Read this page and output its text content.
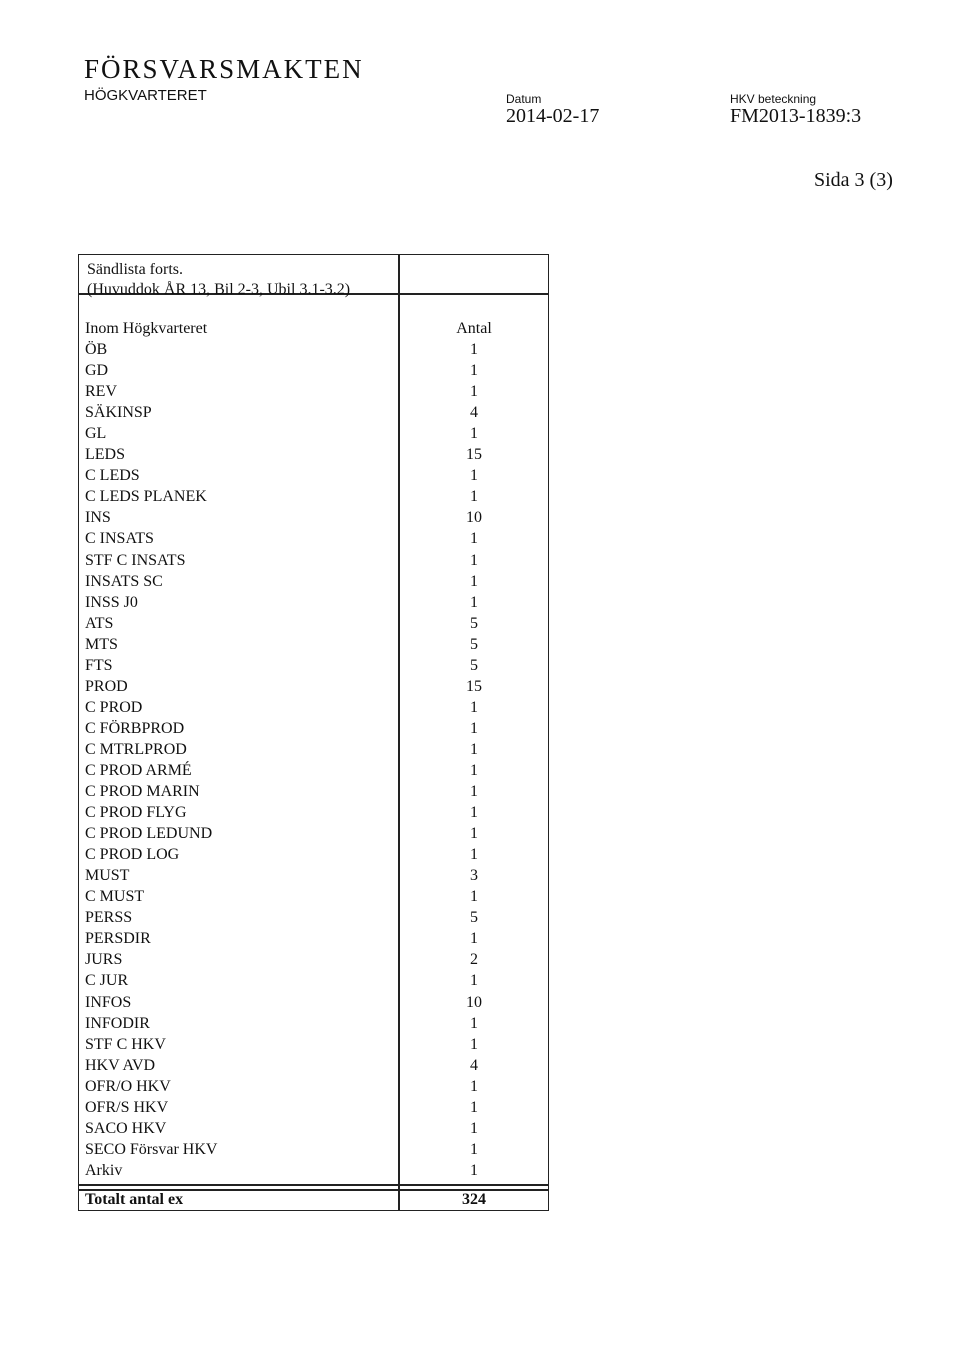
FÖRSVARSMAKTEN
HÖGKVARTERET	Datum
2014-02-17
HKV beteckning
FM2013-1839:3
Sida 3 (3)
Sändlista forts.
(Huvuddok ÅR 13, Bil 2-3, Ubil 3.1-3.2)
Inom Högkvarteret
ÖB
GD
REV
SÄKINSP
GL
LEDS
C LEDS
C LEDS PLANEK
INS
C INSATS
STF C INSATS
INSATS SC
INSS J0
ATS
MTS
FTS
PROD
C PROD
C FÖRBPROD
C MTRLPROD
C PROD ARMÉ
C PROD MARIN
C PROD FLYG
C PROD LEDUND
C PROD LOG
MUST
C MUST
PERSS
PERSDIR
JURS
C JUR
INFOS
INFODIR
STF C HKV
HKV AVD
OFR/O HKV
OFR/S HKV
SACO HKV
SECO Försvar HKV
Arkiv
Antal
1
1
1
4
1
15
1
1
10
1
1
1
1
5
5
5
15
1
1
1
1
1
1
1
1
3
1
5
1
2
1
10
1
1
4
1
1
1
1
1
Totalt antal ex	324
